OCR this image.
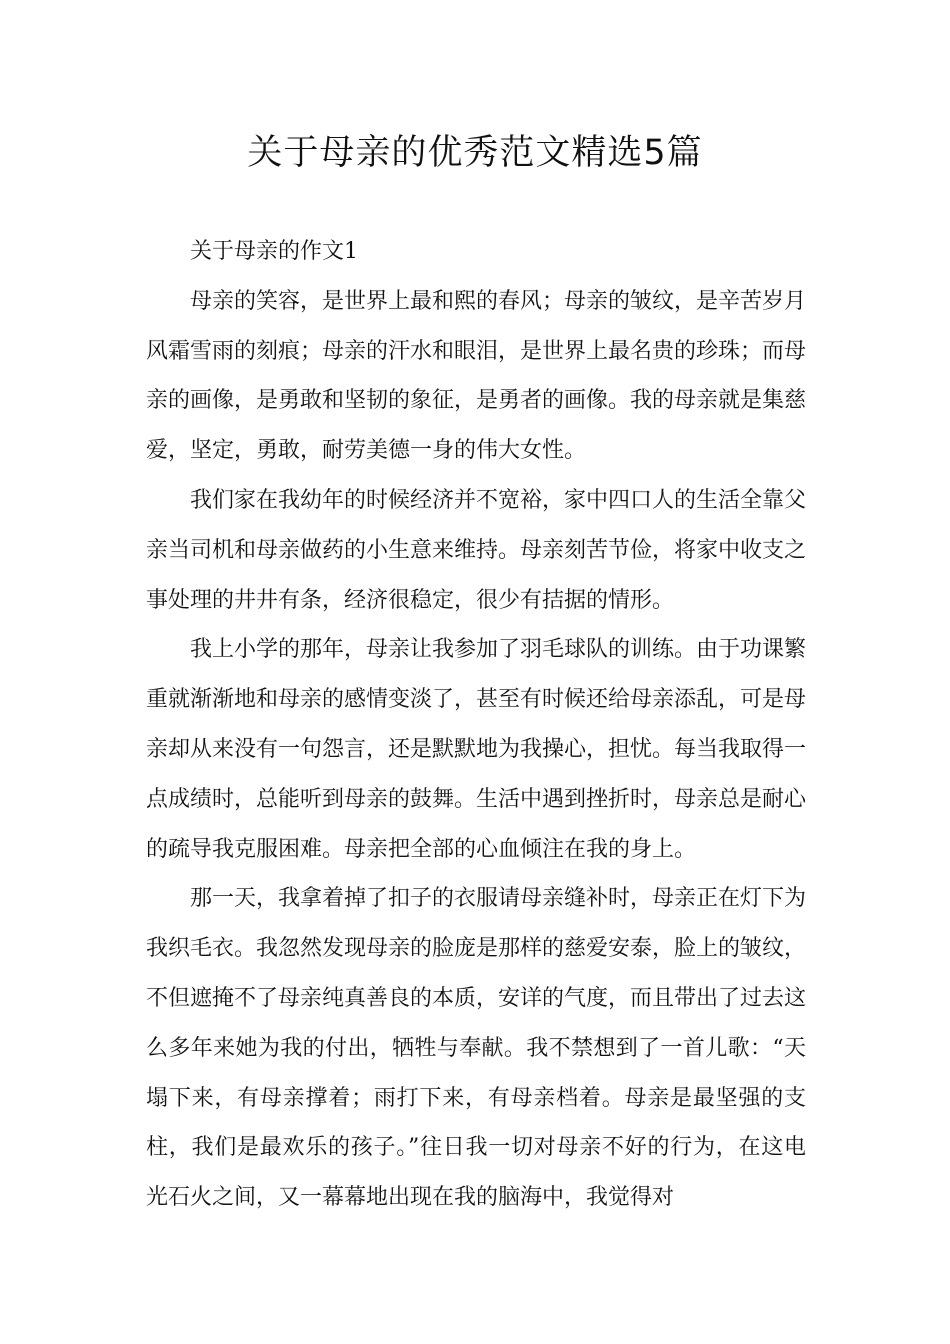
关于母亲的优秀范文精选5篇

关于母亲的作文1

母亲的笑容，是世界上最和熙的春风；母亲的皱纹，是辛苦岁月风霜雪雨的刻痕；母亲的汗水和眼泪，是世界上最名贵的珍珠；而母亲的画像，是勇敢和坚韧的象征，是勇者的画像。我的母亲就是集慈爱，坚定，勇敢，耐劳美德一身的伟大女性。

我们家在我幼年的时候经济并不宽裕，家中四口人的生活全靠父亲当司机和母亲做药的小生意来维持。母亲刻苦节俭，将家中收支之事处理的井井有条，经济很稳定，很少有拮据的情形。

我上小学的那年，母亲让我参加了羽毛球队的训练。由于功课繁重就渐渐地和母亲的感情变淡了，甚至有时候还给母亲添乱，可是母亲却从来没有一句怨言，还是默默地为我操心，担忧。每当我取得一点成绩时，总能听到母亲的鼓舞。生活中遇到挫折时，母亲总是耐心的疏导我克服困难。母亲把全部的心血倾注在我的身上。

那一天，我拿着掉了扣子的衣服请母亲缝补时，母亲正在灯下为我织毛衣。我忽然发现母亲的脸庞是那样的慈爱安泰，脸上的皱纹，不但遮掩不了母亲纯真善良的本质，安详的气度，而且带出了过去这么多年来她为我的付出，牺牲与奉献。我不禁想到了一首儿歌：“天塌下来，有母亲撑着；雨打下来，有母亲档着。母亲是最坚强的支柱，我们是最欢乐的孩子。”往日我一切对母亲不好的行为，在这电光石火之间，又一幕幕地出现在我的脑海中，我觉得对
